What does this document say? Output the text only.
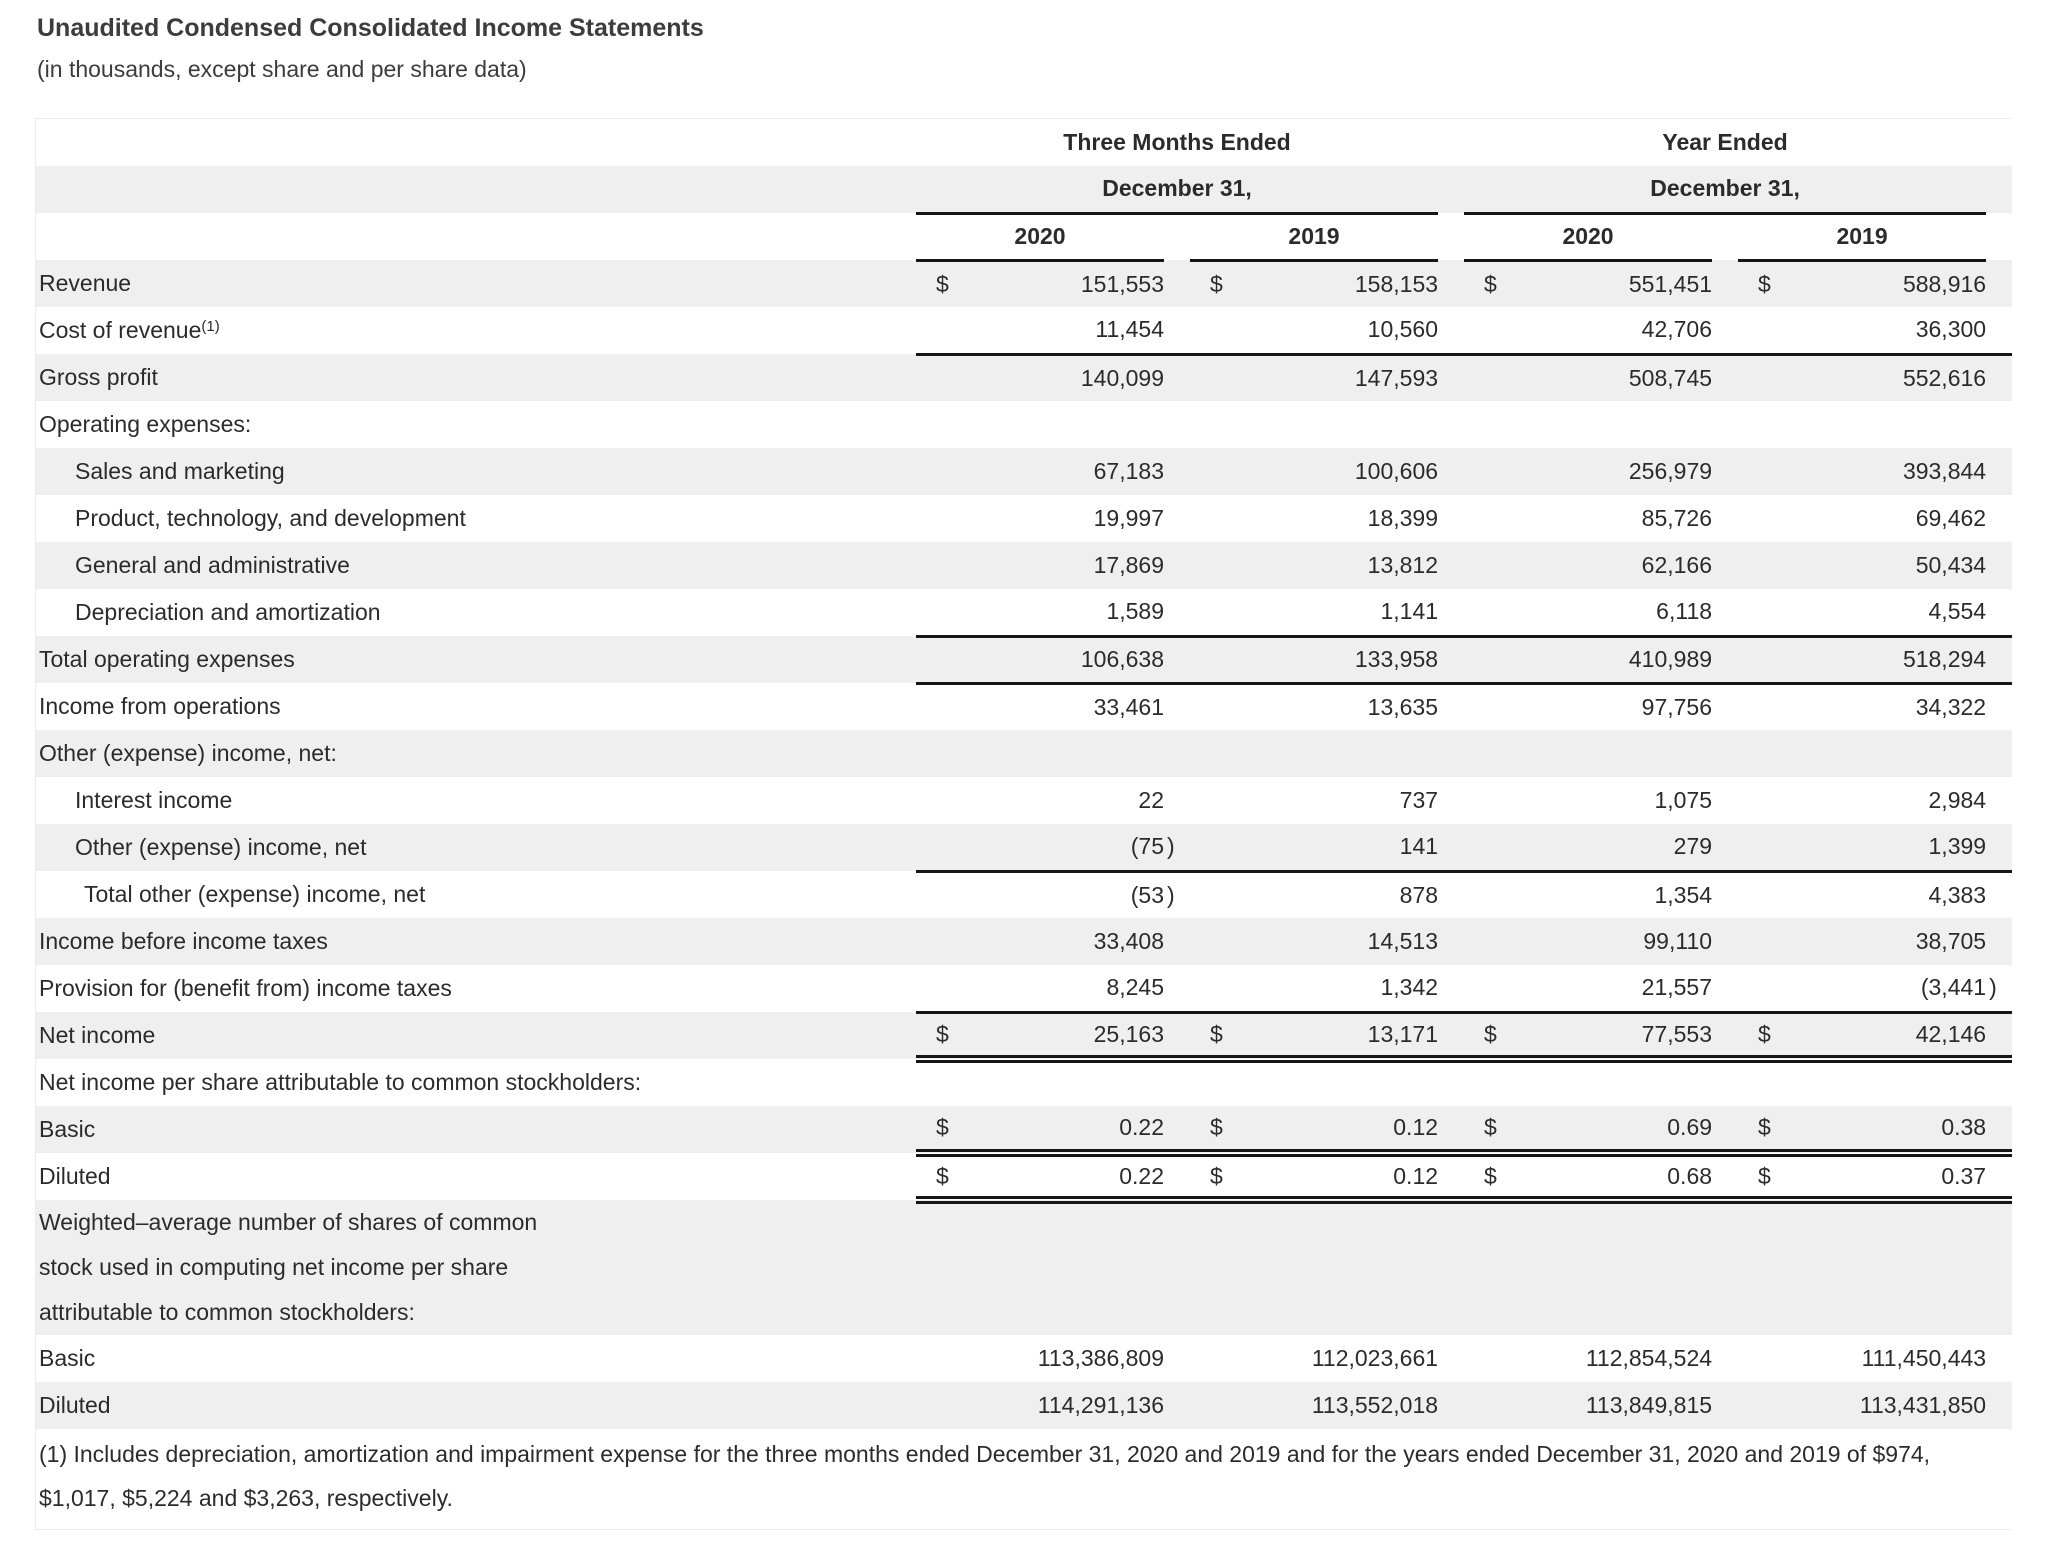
Unaudited Condensed Consolidated Income Statements
(in thousands, except share and per share data)
	Three Months Ended						Year Ended					
	December 31,						December 31,					
	2020			2019			2020			2019		

Revenue	$	151,553		$	158,153		$	551,451		$	588,916	

Cost of revenue$^{(1)}$		11,454			10,560			42,706			36,300	

Gross profit		140,099			147,593			508,745			552,616	

Operating expenses:												

Sales and marketing		67,183			100,606			256,979			393,844	

Product, technology, and development		19,997			18,399			85,726			69,462	

General and administrative		17,869			13,812			62,166			50,434	

Depreciation and amortization		1,589			1,141			6,118			4,554	

Total operating expenses		106,638			133,958			410,989			518,294	

Income from operations		33,461			13,635			97,756			34,322	

Other (expense) income, net:												

Interest income		22			737			1,075			2,984	

Other (expense) income, net		(75	)		141			279			1,399	

Total other (expense) income, net		(53	)		878			1,354			4,383	

Income before income taxes		33,408			14,513			99,110			38,705	

Provision for (benefit from) income taxes		8,245			1,342			21,557			(3,441	)

Net income	$	25,163		$	13,171		$	77,553		$	42,146	

Net income per share attributable to common stockholders:												

Basic	$	0.22		$	0.12		$	0.69		$	0.38	

Diluted	$	0.22		$	0.12		$	0.68		$	0.37	

Weighted–average number of shares of common
stock used in computing net income per share
attributable to common stockholders:												

Basic		113,386,809			112,023,661			112,854,524			111,450,443	

Diluted		114,291,136			113,552,018			113,849,815			113,431,850	
(1) Includes depreciation, amortization and impairment expense for the three months ended December 31, 2020 and 2019 and for the years ended December 31, 2020 and 2019 of $974, $1,017, $5,224 and $3,263, respectively.												
